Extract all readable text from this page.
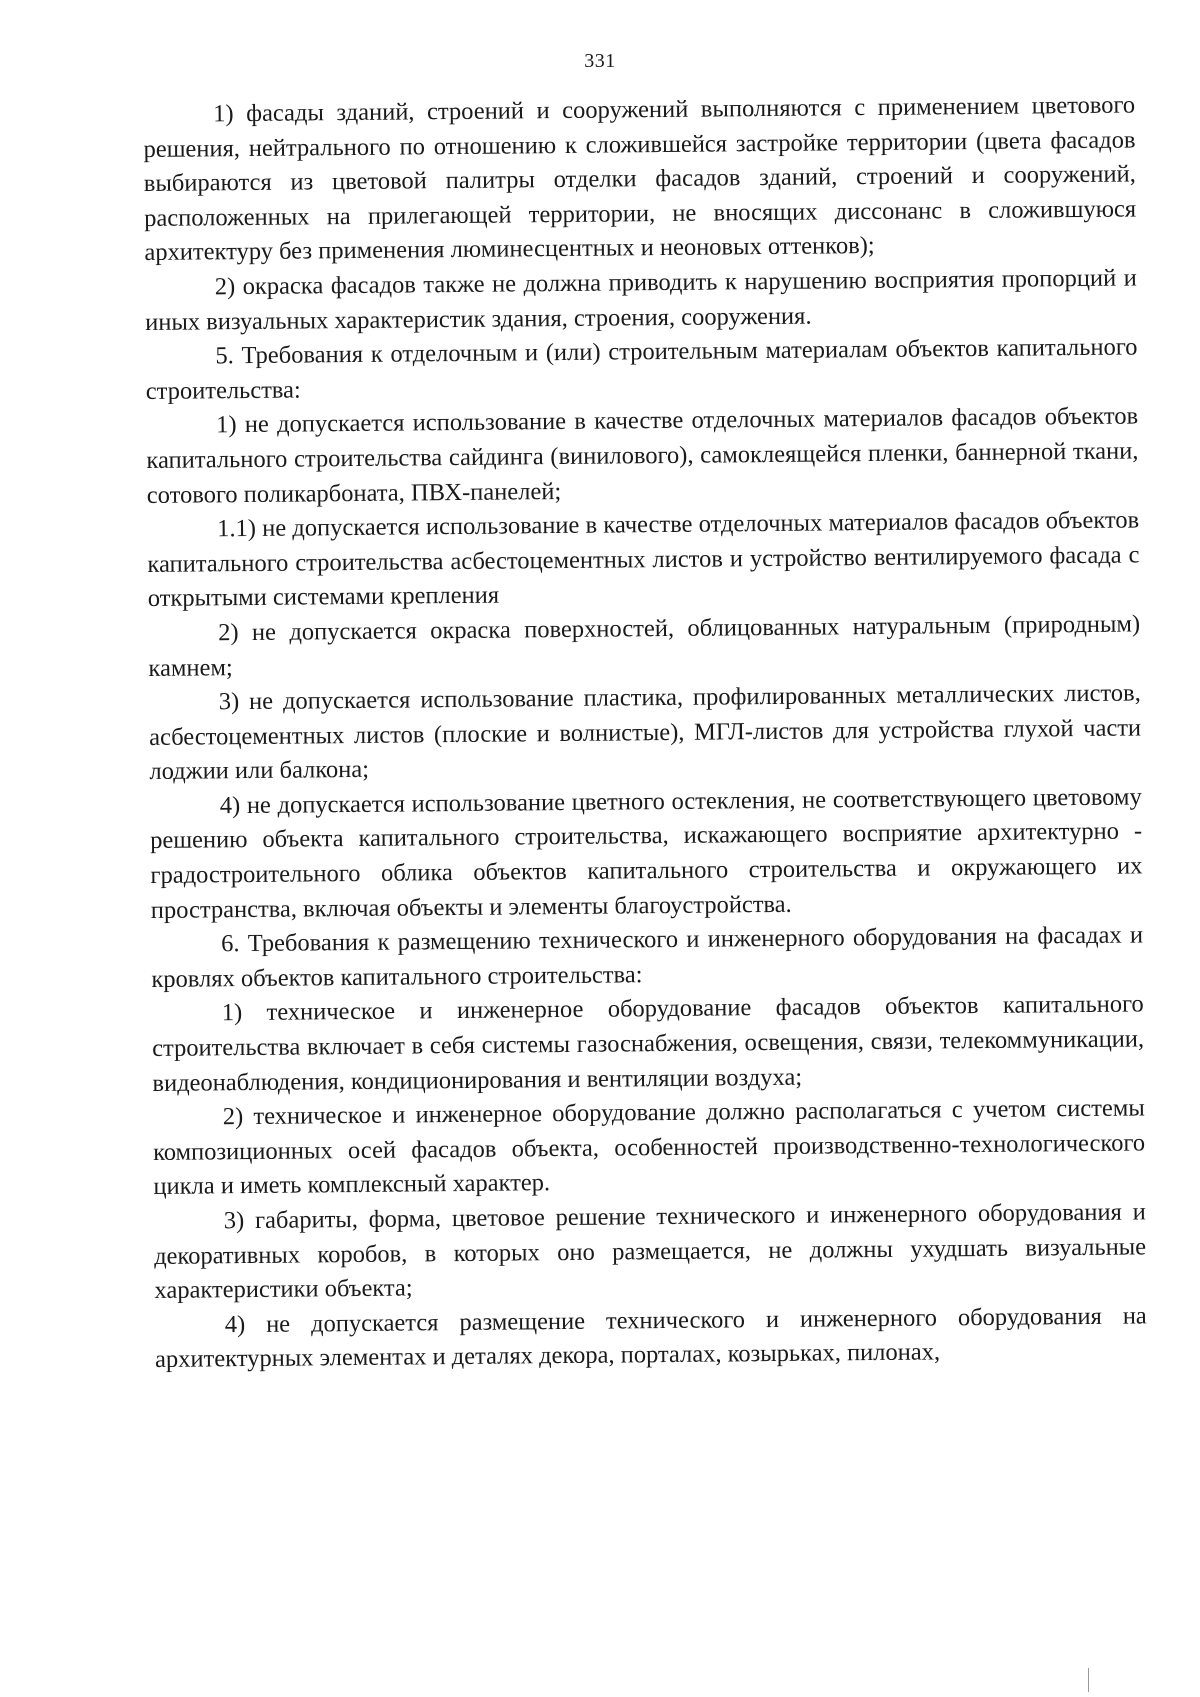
331

1) фасады зданий, строений и сооружений выполняются с применением цветового решения, нейтрального по отношению к сложившейся застройке территории (цвета фасадов выбираются из цветовой палитры отделки фасадов зданий, строений и сооружений, расположенных на прилегающей территории, не вносящих диссонанс в сложившуюся архитектуру без применения люминесцентных и неоновых оттенков);

2) окраска фасадов также не должна приводить к нарушению восприятия пропорций и иных визуальных характеристик здания, строения, сооружения.

5. Требования к отделочным и (или) строительным материалам объектов капитального строительства:

1) не допускается использование в качестве отделочных материалов фасадов объектов капитального строительства сайдинга (винилового), самоклеящейся пленки, баннерной ткани, сотового поликарбоната, ПВХ-панелей;

1.1) не допускается использование в качестве отделочных материалов фасадов объектов капитального строительства асбестоцементных листов и устройство вентилируемого фасада с открытыми системами крепления

2) не допускается окраска поверхностей, облицованных натуральным (природным) камнем;

3) не допускается использование пластика, профилированных металлических листов, асбестоцементных листов (плоские и волнистые), МГЛ-листов для устройства глухой части лоджии или балкона;

4) не допускается использование цветного остекления, не соответствующего цветовому решению объекта капитального строительства, искажающего восприятие архитектурно - градостроительного облика объектов капитального строительства и окружающего их пространства, включая объекты и элементы благоустройства.

6. Требования к размещению технического и инженерного оборудования на фасадах и кровлях объектов капитального строительства:

1) техническое и инженерное оборудование фасадов объектов капитального строительства включает в себя системы газоснабжения, освещения, связи, телекоммуникации, видеонаблюдения, кондиционирования и вентиляции воздуха;

2) техническое и инженерное оборудование должно располагаться с учетом системы композиционных осей фасадов объекта, особенностей производственно-технологического цикла и иметь комплексный характер.

3) габариты, форма, цветовое решение технического и инженерного оборудования и декоративных коробов, в которых оно размещается, не должны ухудшать визуальные характеристики объекта;

4) не допускается размещение технического и инженерного оборудования на архитектурных элементах и деталях декора, порталах, козырьках, пилонах,
